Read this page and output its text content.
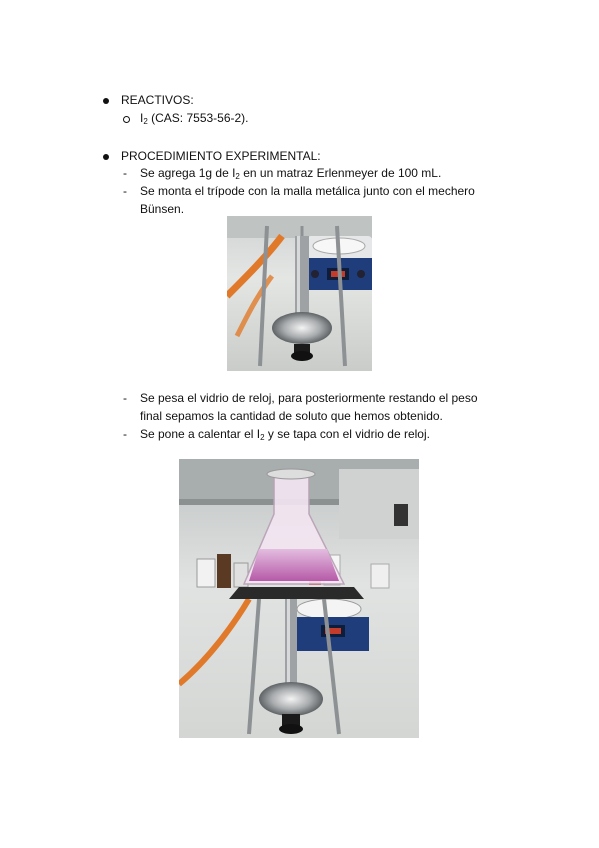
REACTIVOS:
$I_2$ (CAS: 7553-56-2).
PROCEDIMIENTO EXPERIMENTAL:
- Se agrega 1g de $I_2$ en un matraz Erlenmeyer de 100 mL.
- Se monta el trípode con la malla metálica junto con el mechero
Bünsen.
- Se pesa el vidrio de reloj, para posteriormente restando el peso
final sepamos la cantidad de soluto que hemos obtenido.
- Se pone a calentar el $I_2$ y se tapa con el vidrio de reloj.
